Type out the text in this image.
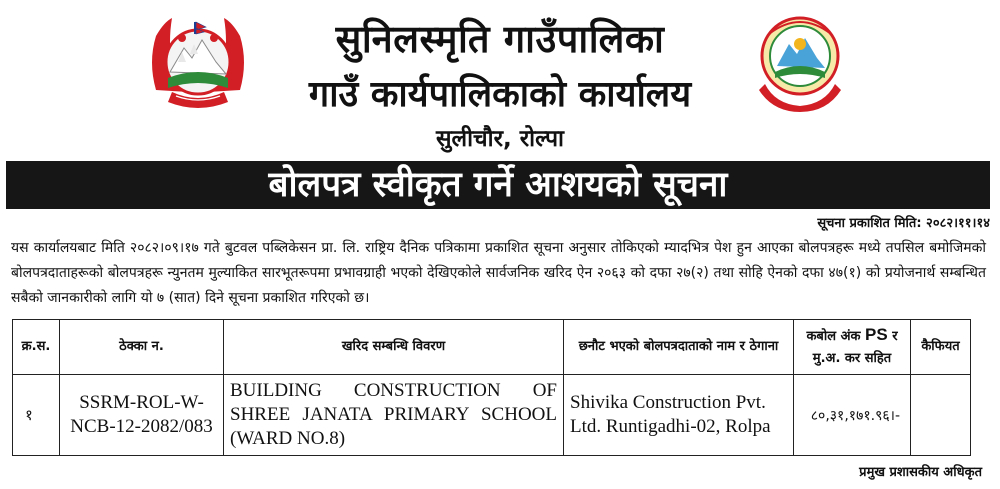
सुनिलस्मृति गाउँपालिका
गाउँ कार्यपालिकाको कार्यालय
सुलीचौर, रोल्पा
बोलपत्र स्वीकृत गर्ने आशयको सूचना
सूचना प्रकाशित मिति: २०८२।११।१४
यस कार्यालयबाट मिति २०८२।०९।१७ गते बुटवल पब्लिकेसन प्रा. लि. राष्ट्रिय दैनिक पत्रिकामा प्रकाशित सूचना अनुसार तोकिएको म्यादभित्र पेश हुन आएका बोलपत्रहरू मध्ये तपसिल बमोजिमको बोलपत्रदाताहरूको बोलपत्रहरू न्युनतम मुल्याकित सारभूतरूपमा प्रभावग्राही भएको देखिएकोले सार्वजनिक खरिद ऐन २०६३ को दफा २७(२) तथा सोहि ऐनको दफा ४७(१) को प्रयोजनार्थ सम्बन्धित सबैको जानकारीको लागि यो ७ (सात) दिने सूचना प्रकाशित गरिएको छ।
क्र.स.	ठेक्का न.	खरिद सम्बन्धि विवरण	छनौट भएको बोलपत्रदाताको नाम र ठेगाना	कबोल अंक PS र मु.अ. कर सहित	कैफियत
१	SSRM-ROL-W-NCB-12-2082/083	BUILDING CONSTRUCTION OF SHREE JANATA PRIMARY SCHOOL (WARD NO.8)	Shivika Construction Pvt. Ltd. Runtigadhi-02, Rolpa	८०,३१,१७१.९६।-	
प्रमुख प्रशासकीय अधिकृत
